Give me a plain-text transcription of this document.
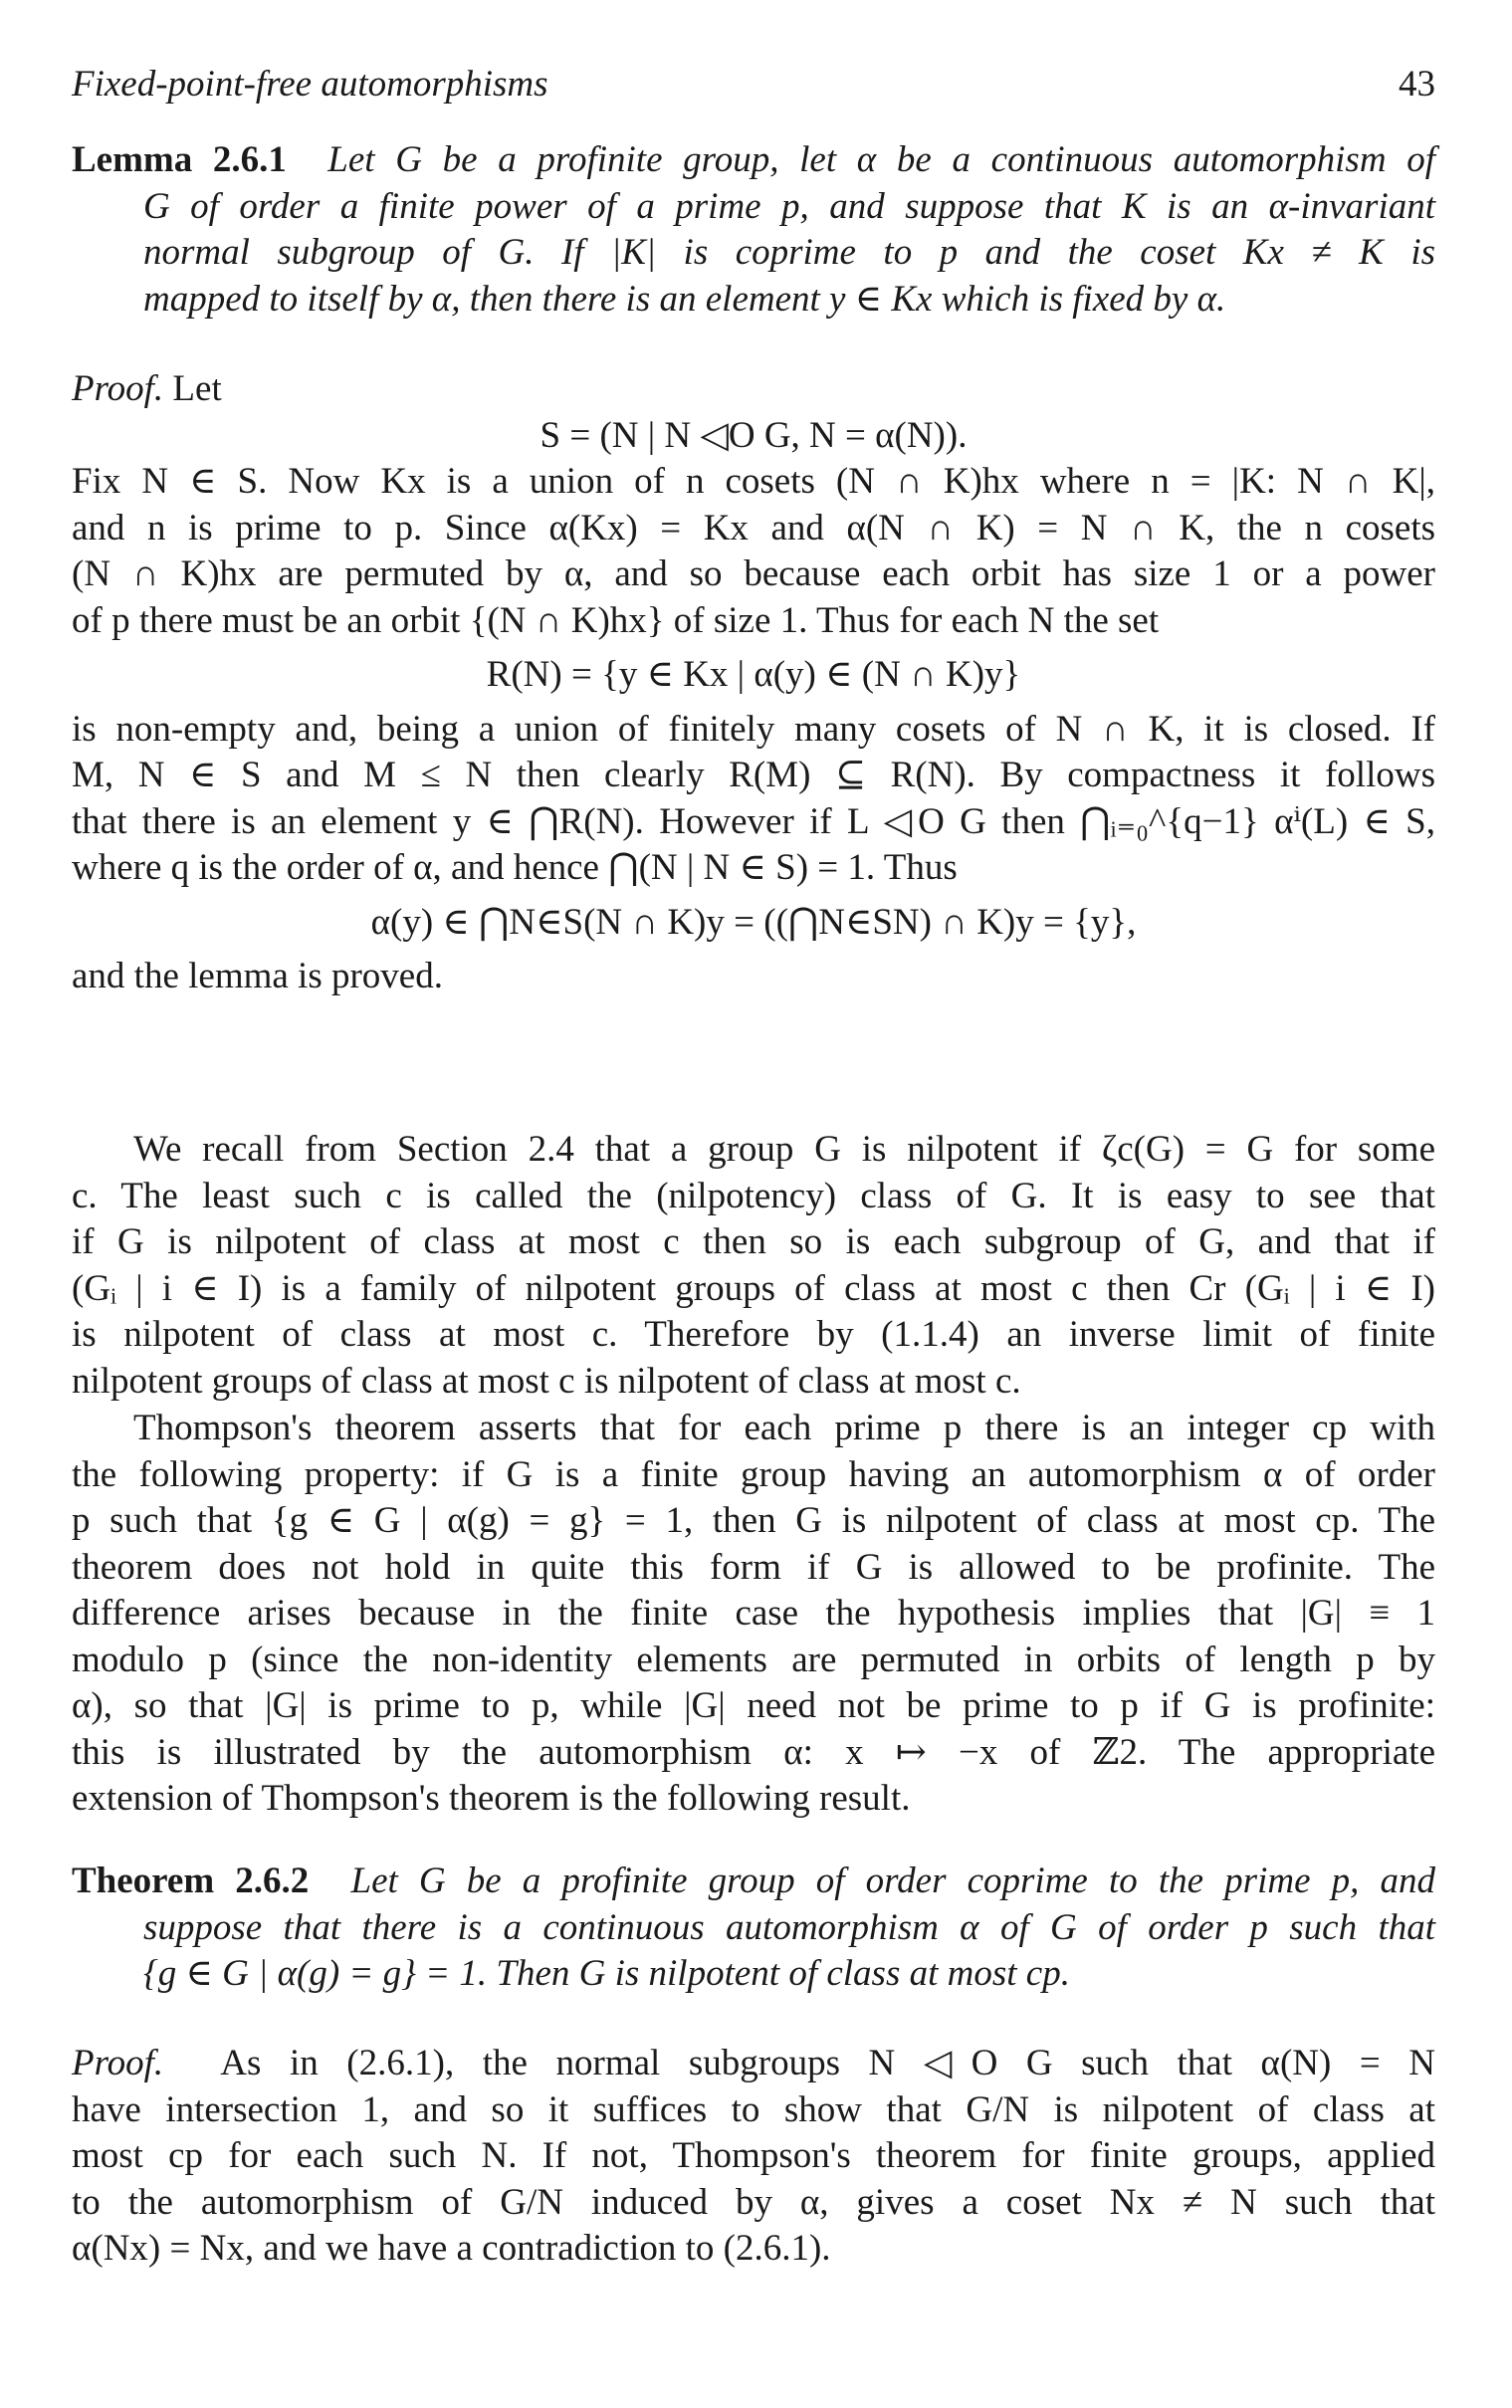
Fixed-point-free automorphisms	43
Lemma 2.6.1 Let G be a profinite group, let α be a continuous automorphism of
G of order a finite power of a prime p, and suppose that K is an α-invariant
normal subgroup of G. If |K| is coprime to p and the coset Kx ≠ K is
mapped to itself by α, then there is an element y ∈ Kx which is fixed by α.
Proof. Let
S = (N | N ◁O G, N = α(N)).
Fix N ∈ S. Now Kx is a union of n cosets (N ∩ K)hx where n = |K: N ∩ K|,
and n is prime to p. Since α(Kx) = Kx and α(N ∩ K) = N ∩ K, the n cosets
(N ∩ K)hx are permuted by α, and so because each orbit has size 1 or a power
of p there must be an orbit {(N ∩ K)hx} of size 1. Thus for each N the set
R(N) = {y ∈ Kx | α(y) ∈ (N ∩ K)y}
is non-empty and, being a union of finitely many cosets of N ∩ K, it is closed. If
M, N ∈ S and M ≤ N then clearly R(M) ⊆ R(N). By compactness it follows
that there is an element y ∈ ⋂R(N). However if L ◁O G then ⋂ᵢ₌₀^{q−1} αⁱ(L) ∈ S,
where q is the order of α, and hence ⋂(N | N ∈ S) = 1. Thus
α(y) ∈ ⋂N∈S(N ∩ K)y = ((⋂N∈SN) ∩ K)y = {y},
and the lemma is proved.
We recall from Section 2.4 that a group G is nilpotent if ζc(G) = G for some
c. The least such c is called the (nilpotency) class of G. It is easy to see that
if G is nilpotent of class at most c then so is each subgroup of G, and that if
(Gᵢ | i ∈ I) is a family of nilpotent groups of class at most c then Cr (Gᵢ | i ∈ I)
is nilpotent of class at most c. Therefore by (1.1.4) an inverse limit of finite
nilpotent groups of class at most c is nilpotent of class at most c.
Thompson's theorem asserts that for each prime p there is an integer cp with
the following property: if G is a finite group having an automorphism α of order
p such that {g ∈ G | α(g) = g} = 1, then G is nilpotent of class at most cp. The
theorem does not hold in quite this form if G is allowed to be profinite. The
difference arises because in the finite case the hypothesis implies that |G| ≡ 1
modulo p (since the non-identity elements are permuted in orbits of length p by
α), so that |G| is prime to p, while |G| need not be prime to p if G is profinite:
this is illustrated by the automorphism α: x ↦ −x of ℤ2. The appropriate
extension of Thompson's theorem is the following result.
Theorem 2.6.2 Let G be a profinite group of order coprime to the prime p, and
suppose that there is a continuous automorphism α of G of order p such that
{g ∈ G | α(g) = g} = 1. Then G is nilpotent of class at most cp.
Proof. As in (2.6.1), the normal subgroups N ◁O G such that α(N) = N
have intersection 1, and so it suffices to show that G/N is nilpotent of class at
most cp for each such N. If not, Thompson's theorem for finite groups, applied
to the automorphism of G/N induced by α, gives a coset Nx ≠ N such that
α(Nx) = Nx, and we have a contradiction to (2.6.1).
